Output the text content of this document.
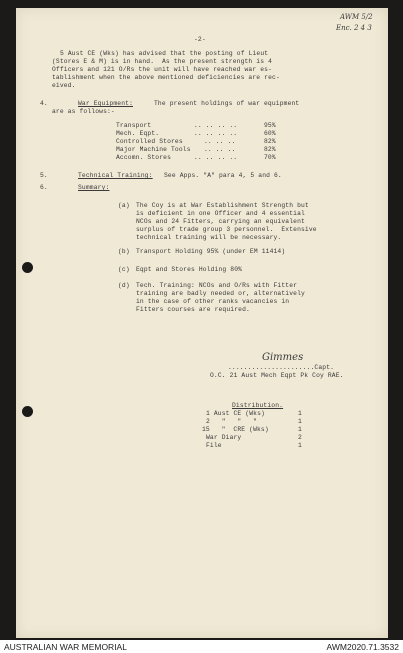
AWM 5/2
Enc. 2 4 3
-2-
5 Aust CE (Wks) has advised that the posting of Lieut
(Stores E & M) is in hand.  As the present strength is 4
Officers and 121 O/Rs the unit will have reached war es-
tablishment when the above mentioned deficiencies are rec-
eived.
4.	War Equipment:	The present holdings of war equipment
are as follows:-
Transport	.. .. .. ..	95%
Mech. Eqpt.	.. .. .. ..	60%
Controlled Stores	.. .. ..	82%
Major Machine Tools .. .. ..	82%
Accomn. Stores	.. .. .. ..	70%
5.	Technical Training: See Apps. "A" para 4, 5 and 6.
6.	Summary:
(a) The Coy is at War Establishment Strength but
is deficient in one Officer and 4 essential
NCOs and 24 Fitters, carrying an equivalent
surplus of trade group 3 personnel.  Extensive
technical training will be necessary.
(b) Transport Holding 95% (under EM 11414)
(c) Eqpt and Stores Holding 80%
(d) Tech. Training: NCOs and O/Rs with Fitter
training are badly needed or, alternatively
in the case of other ranks vacancies in
Fitters courses are required.
Gimmes
......................Capt.
O.C. 21 Aust Mech Eqpt Pk Coy RAE.
Distribution.
1 Aust CE (Wks)	1
2   "   "   "	1
15   "  CRE (Wks)	1
War Diary	2
File	1
AUSTRALIAN WAR MEMORIAL	AWM2020.71.3532
